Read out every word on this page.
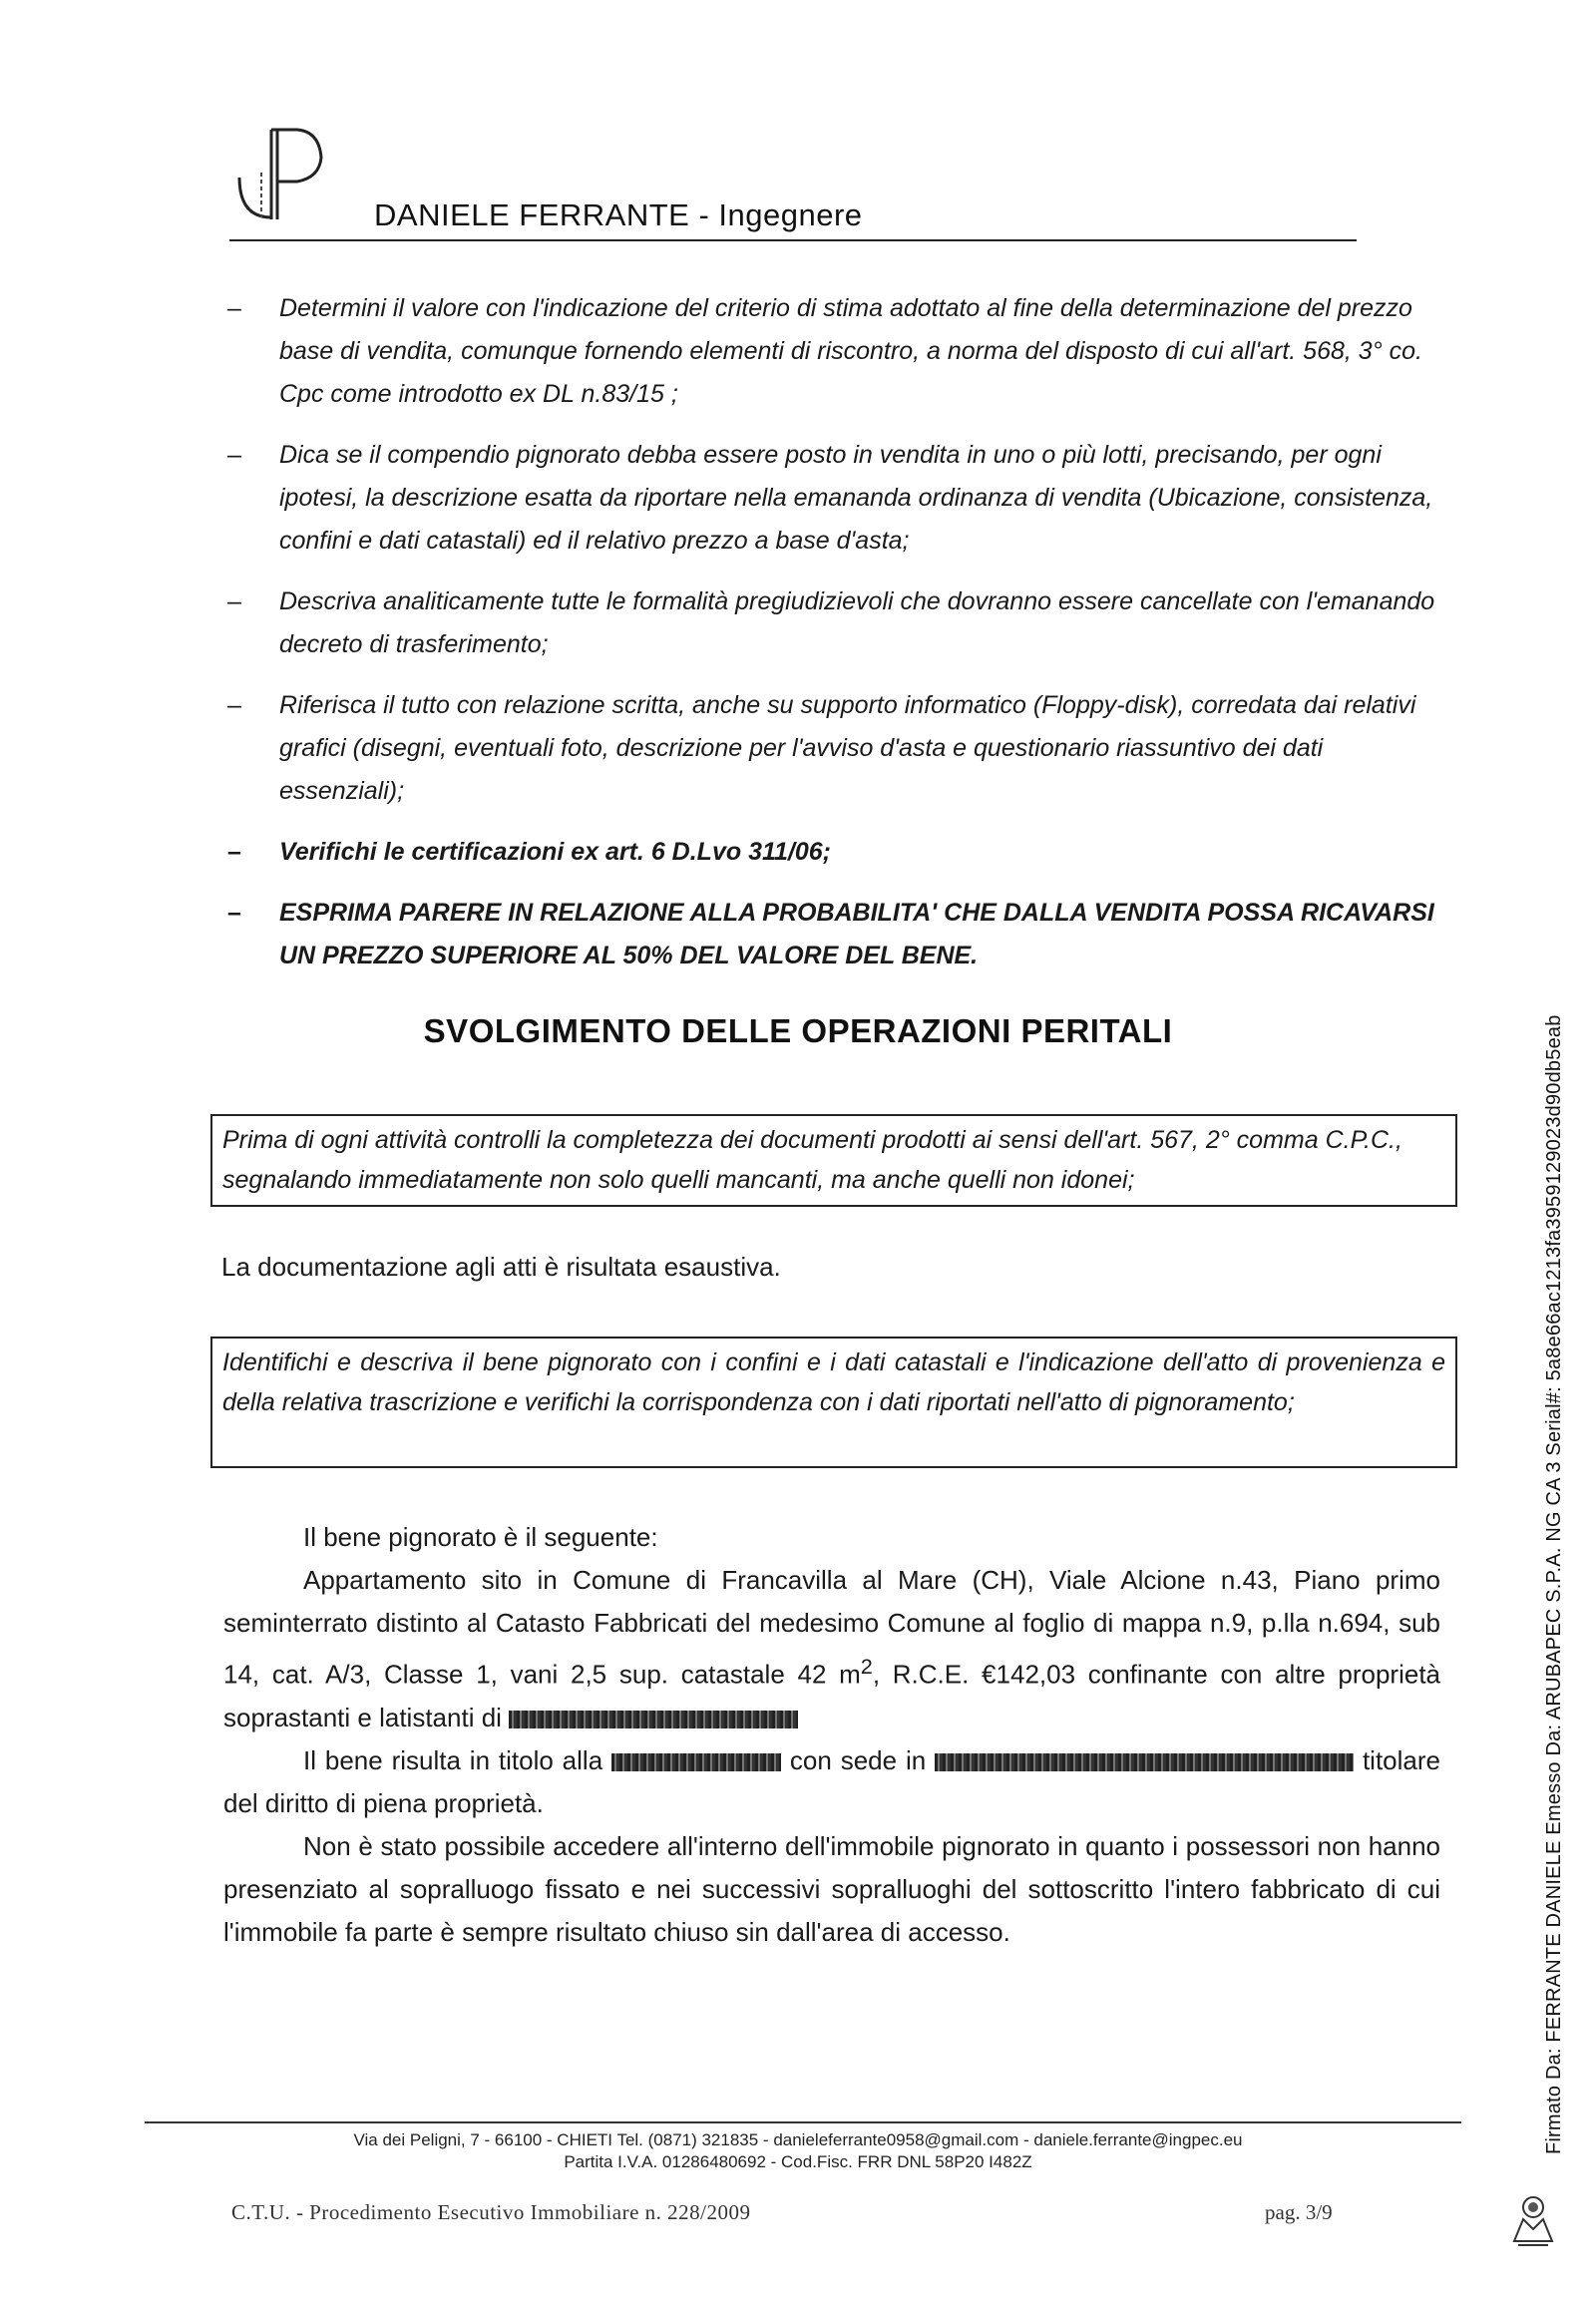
DANIELE FERRANTE - Ingegnere
– Determini il valore con l'indicazione del criterio di stima adottato al fine della determinazione del prezzo base di vendita, comunque fornendo elementi di riscontro, a norma del disposto di cui all'art. 568, 3° co. Cpc come introdotto ex DL n.83/15 ;
– Dica se il compendio pignorato debba essere posto in vendita in uno o più lotti, precisando, per ogni ipotesi, la descrizione esatta da riportare nella emananda ordinanza di vendita (Ubicazione, consistenza, confini e dati catastali) ed il relativo prezzo a base d'asta;
– Descriva analiticamente tutte le formalità pregiudizievoli che dovranno essere cancellate con l'emanando decreto di trasferimento;
– Riferisca il tutto con relazione scritta, anche su supporto informatico (Floppy-disk), corredata dai relativi grafici (disegni, eventuali foto, descrizione per l'avviso d'asta e questionario riassuntivo dei dati essenziali);
– Verifichi le certificazioni ex art. 6 D.Lvo 311/06;
– ESPRIMA PARERE IN RELAZIONE ALLA PROBABILITA' CHE DALLA VENDITA POSSA RICAVARSI UN PREZZO SUPERIORE AL 50% DEL VALORE DEL BENE.
SVOLGIMENTO DELLE OPERAZIONI PERITALI
Prima di ogni attività controlli la completezza dei documenti prodotti ai sensi dell'art. 567, 2° comma C.P.C., segnalando immediatamente non solo quelli mancanti, ma anche quelli non idonei;
La documentazione agli atti è risultata esaustiva.
Identifichi e descriva il bene pignorato con i confini e i dati catastali e l'indicazione dell'atto di provenienza e della relativa trascrizione e verifichi la corrispondenza con i dati riportati nell'atto di pignoramento;

Il bene pignorato è il seguente:

Appartamento sito in Comune di Francavilla al Mare (CH), Viale Alcione n.43, Piano primo seminterrato distinto al Catasto Fabbricati del medesimo Comune al foglio di mappa n.9, p.lla n.694, sub 14, cat. A/3, Classe 1, vani 2,5 sup. catastale 42 $m^2$, R.C.E. €142,03 confinante con altre proprietà soprastanti e latistanti di

Il bene risulta in titolo alla	con sede in	titolare del diritto di piena proprietà.

Non è stato possibile accedere all'interno dell'immobile pignorato in quanto i possessori non hanno presenziato al sopralluogo fissato e nei successivi sopralluoghi del sottoscritto l'intero fabbricato di cui l'immobile fa parte è sempre risultato chiuso sin dall'area di accesso.

Via dei Peligni, 7 - 66100 - CHIETI Tel. (0871) 321835 - danieleferrante0958@gmail.com - daniele.ferrante@ingpec.eu
Partita I.V.A. 01286480692 - Cod.Fisc. FRR DNL 58P20 I482Z
C.T.U. - Procedimento Esecutivo Immobiliare n. 228/2009	pag. 3/9
Firmato Da: FERRANTE DANIELE Emesso Da: ARUBAPEC S.P.A. NG CA 3 Serial#: 5a8e66ac1213fa3959129023d90db5eab
